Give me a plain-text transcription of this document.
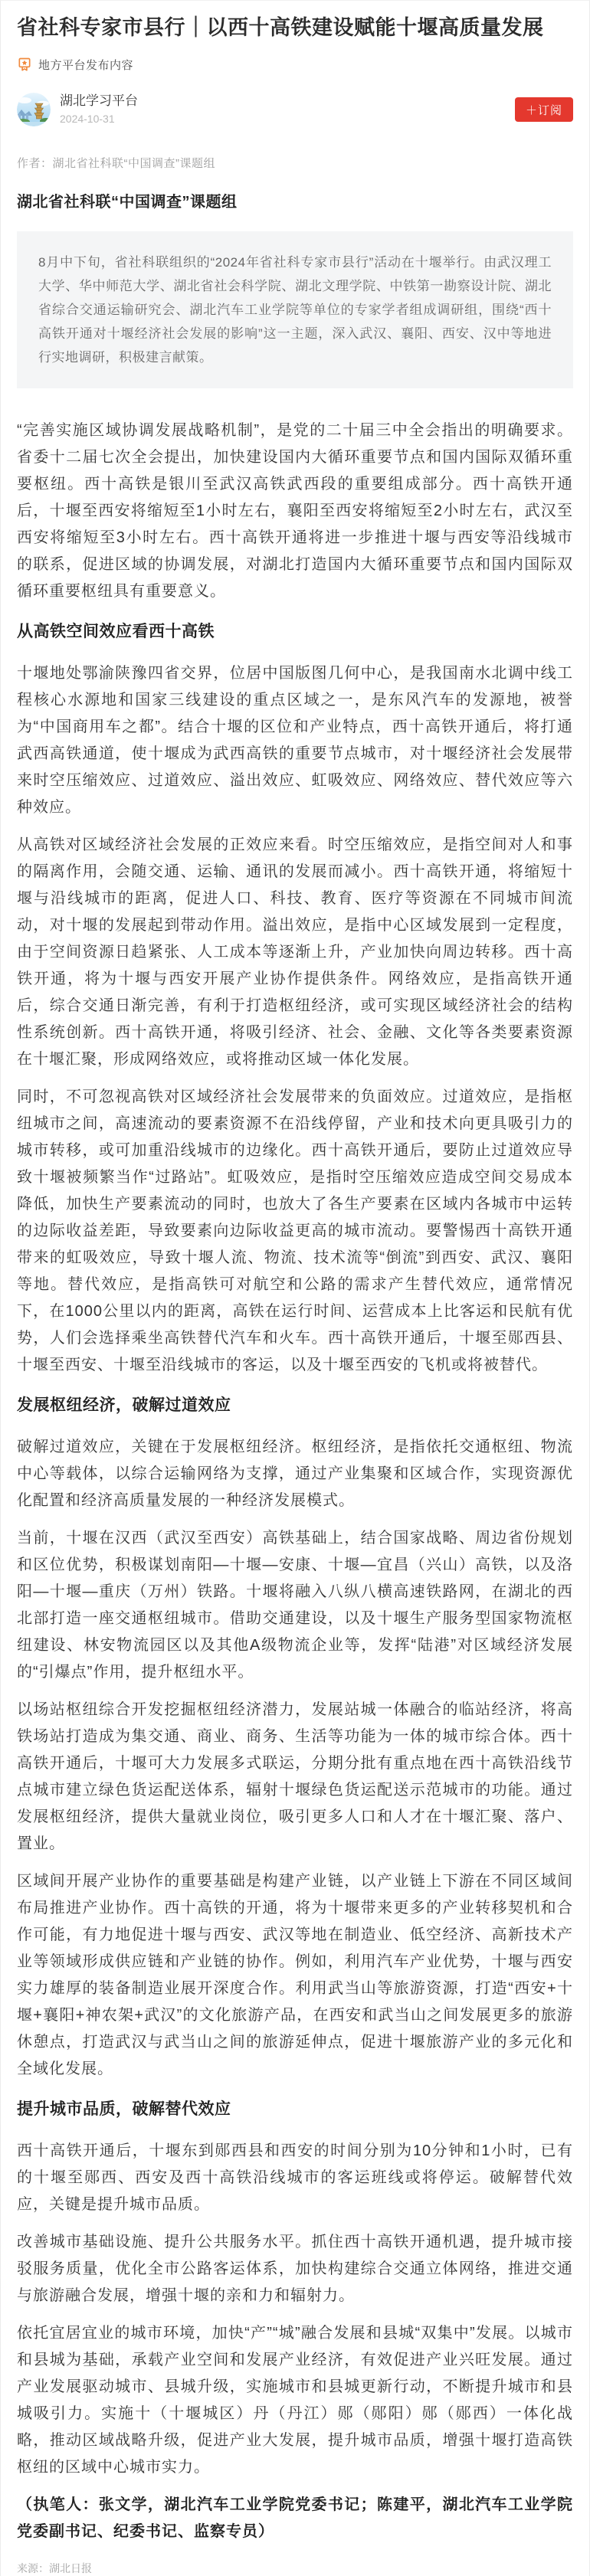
省社科专家市县行｜以西十高铁建设赋能十堰高质量发展
地方平台发布内容
湖北学习平台
2024-10-31
＋订阅
作者：湖北省社科联“中国调查”课题组
湖北省社科联“中国调查”课题组
8月中下旬，省社科联组织的“2024年省社科专家市县行”活动在十堰举行。由武汉理工大学、华中师范大学、湖北省社会科学院、湖北文理学院、中铁第一勘察设计院、湖北省综合交通运输研究会、湖北汽车工业学院等单位的专家学者组成调研组，围绕“西十高铁开通对十堰经济社会发展的影响”这一主题，深入武汉、襄阳、西安、汉中等地进行实地调研，积极建言献策。

“完善实施区域协调发展战略机制”，是党的二十届三中全会指出的明确要求。省委十二届七次全会提出，加快建设国内大循环重要节点和国内国际双循环重要枢纽。西十高铁是银川至武汉高铁武西段的重要组成部分。西十高铁开通后，十堰至西安将缩短至1小时左右，襄阳至西安将缩短至2小时左右，武汉至西安将缩短至3小时左右。西十高铁开通将进一步推进十堰与西安等沿线城市的联系，促进区域的协调发展，对湖北打造国内大循环重要节点和国内国际双循环重要枢纽具有重要意义。

从高铁空间效应看西十高铁

十堰地处鄂渝陕豫四省交界，位居中国版图几何中心，是我国南水北调中线工程核心水源地和国家三线建设的重点区域之一，是东风汽车的发源地，被誉为“中国商用车之都”。结合十堰的区位和产业特点，西十高铁开通后，将打通武西高铁通道，使十堰成为武西高铁的重要节点城市，对十堰经济社会发展带来时空压缩效应、过道效应、溢出效应、虹吸效应、网络效应、替代效应等六种效应。

从高铁对区域经济社会发展的正效应来看。时空压缩效应，是指空间对人和事的隔离作用，会随交通、运输、通讯的发展而减小。西十高铁开通，将缩短十堰与沿线城市的距离，促进人口、科技、教育、医疗等资源在不同城市间流动，对十堰的发展起到带动作用。溢出效应，是指中心区域发展到一定程度，由于空间资源日趋紧张、人工成本等逐渐上升，产业加快向周边转移。西十高铁开通，将为十堰与西安开展产业协作提供条件。网络效应，是指高铁开通后，综合交通日渐完善，有利于打造枢纽经济，或可实现区域经济社会的结构性系统创新。西十高铁开通，将吸引经济、社会、金融、文化等各类要素资源在十堰汇聚，形成网络效应，或将推动区域一体化发展。

同时，不可忽视高铁对区域经济社会发展带来的负面效应。过道效应，是指枢纽城市之间，高速流动的要素资源不在沿线停留，产业和技术向更具吸引力的城市转移，或可加重沿线城市的边缘化。西十高铁开通后，要防止过道效应导致十堰被频繁当作“过路站”。虹吸效应，是指时空压缩效应造成空间交易成本降低，加快生产要素流动的同时，也放大了各生产要素在区域内各城市中运转的边际收益差距，导致要素向边际收益更高的城市流动。要警惕西十高铁开通带来的虹吸效应，导致十堰人流、物流、技术流等“倒流”到西安、武汉、襄阳等地。替代效应，是指高铁可对航空和公路的需求产生替代效应，通常情况下，在1000公里以内的距离，高铁在运行时间、运营成本上比客运和民航有优势，人们会选择乘坐高铁替代汽车和火车。西十高铁开通后，十堰至郧西县、十堰至西安、十堰至沿线城市的客运，以及十堰至西安的飞机或将被替代。

发展枢纽经济，破解过道效应

破解过道效应，关键在于发展枢纽经济。枢纽经济，是指依托交通枢纽、物流中心等载体，以综合运输网络为支撑，通过产业集聚和区域合作，实现资源优化配置和经济高质量发展的一种经济发展模式。

当前，十堰在汉西（武汉至西安）高铁基础上，结合国家战略、周边省份规划和区位优势，积极谋划南阳—十堰—安康、十堰—宜昌（兴山）高铁，以及洛阳—十堰—重庆（万州）铁路。十堰将融入八纵八横高速铁路网，在湖北的西北部打造一座交通枢纽城市。借助交通建设，以及十堰生产服务型国家物流枢纽建设、林安物流园区以及其他A级物流企业等，发挥“陆港”对区域经济发展的“引爆点”作用，提升枢纽水平。

以场站枢纽综合开发挖掘枢纽经济潜力，发展站城一体融合的临站经济，将高铁场站打造成为集交通、商业、商务、生活等功能为一体的城市综合体。西十高铁开通后，十堰可大力发展多式联运，分期分批有重点地在西十高铁沿线节点城市建立绿色货运配送体系，辐射十堰绿色货运配送示范城市的功能。通过发展枢纽经济，提供大量就业岗位，吸引更多人口和人才在十堰汇聚、落户、置业。

区域间开展产业协作的重要基础是构建产业链，以产业链上下游在不同区域间布局推进产业协作。西十高铁的开通，将为十堰带来更多的产业转移契机和合作可能，有力地促进十堰与西安、武汉等地在制造业、低空经济、高新技术产业等领域形成供应链和产业链的协作。例如，利用汽车产业优势，十堰与西安实力雄厚的装备制造业展开深度合作。利用武当山等旅游资源，打造“西安+十堰+襄阳+神农架+武汉”的文化旅游产品，在西安和武当山之间发展更多的旅游休憩点，打造武汉与武当山之间的旅游延伸点，促进十堰旅游产业的多元化和全域化发展。

提升城市品质，破解替代效应

西十高铁开通后，十堰东到郧西县和西安的时间分别为10分钟和1小时，已有的十堰至郧西、西安及西十高铁沿线城市的客运班线或将停运。破解替代效应，关键是提升城市品质。

改善城市基础设施、提升公共服务水平。抓住西十高铁开通机遇，提升城市接驳服务质量，优化全市公路客运体系，加快构建综合交通立体网络，推进交通与旅游融合发展，增强十堰的亲和力和辐射力。

依托宜居宜业的城市环境，加快“产”“城”融合发展和县城“双集中”发展。以城市和县城为基础，承载产业空间和发展产业经济，有效促进产业兴旺发展。通过产业发展驱动城市、县城升级，实施城市和县城更新行动，不断提升城市和县城吸引力。实施十（十堰城区）丹（丹江）郧（郧阳）郧（郧西）一体化战略，推动区域战略升级，促进产业大发展，提升城市品质，增强十堰打造高铁枢纽的区域中心城市实力。

（执笔人：张文学，湖北汽车工业学院党委书记；陈建平，湖北汽车工业学院党委副书记、纪委书记、监察专员）

来源：湖北日报
